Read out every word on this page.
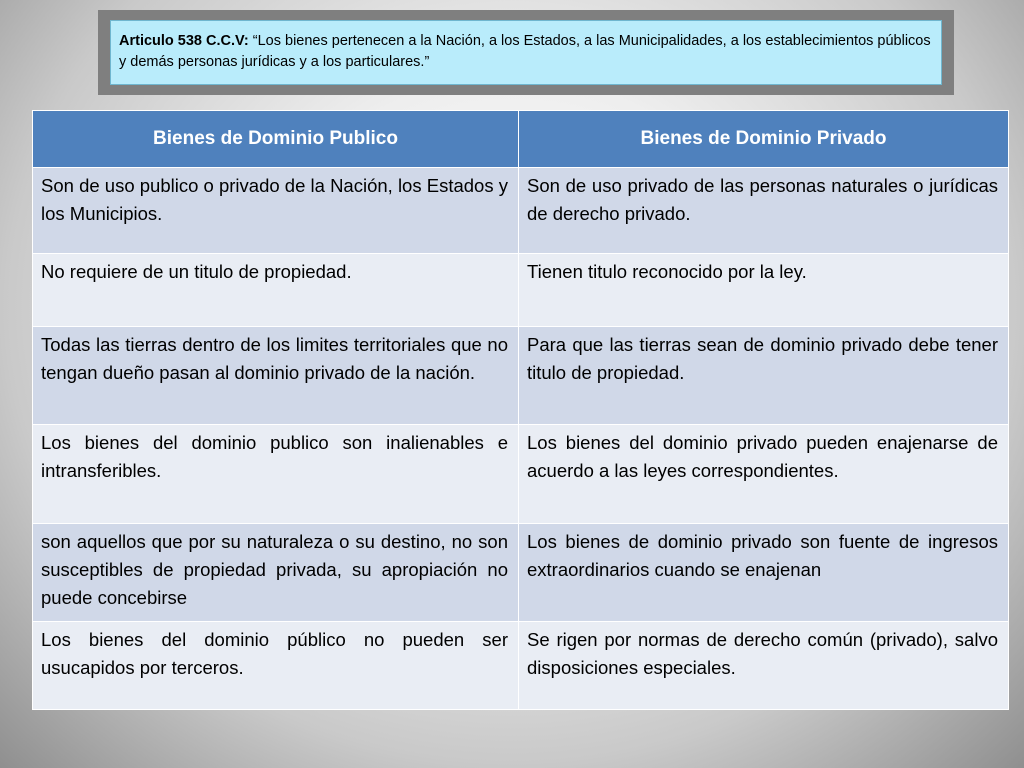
Articulo 538 C.C.V: “Los bienes pertenecen a la Nación, a los Estados, a las Municipalidades, a los establecimientos públicos y demás personas jurídicas y a los particulares.”
Bienes de Dominio Publico	Bienes de Dominio Privado
Son de uso publico o privado de la Nación, los Estados y los Municipios.	Son de uso privado de las personas naturales o jurídicas de derecho privado.
No requiere de un titulo de propiedad.	Tienen titulo reconocido por la ley.
Todas las tierras dentro de los limites territoriales que no tengan dueño pasan al dominio privado de la nación.	Para que las tierras sean de dominio privado debe tener titulo de propiedad.
Los bienes del dominio publico son inalienables e intransferibles.	Los bienes del dominio privado pueden enajenarse de acuerdo a las leyes correspondientes.
son aquellos que por su naturaleza o su destino, no son susceptibles de propiedad privada, su apropiación no puede concebirse	Los bienes de dominio privado son fuente de ingresos extraordinarios cuando se enajenan
Los bienes del dominio público no pueden ser usucapidos por terceros.	Se rigen por normas de derecho común (privado), salvo disposiciones especiales.
